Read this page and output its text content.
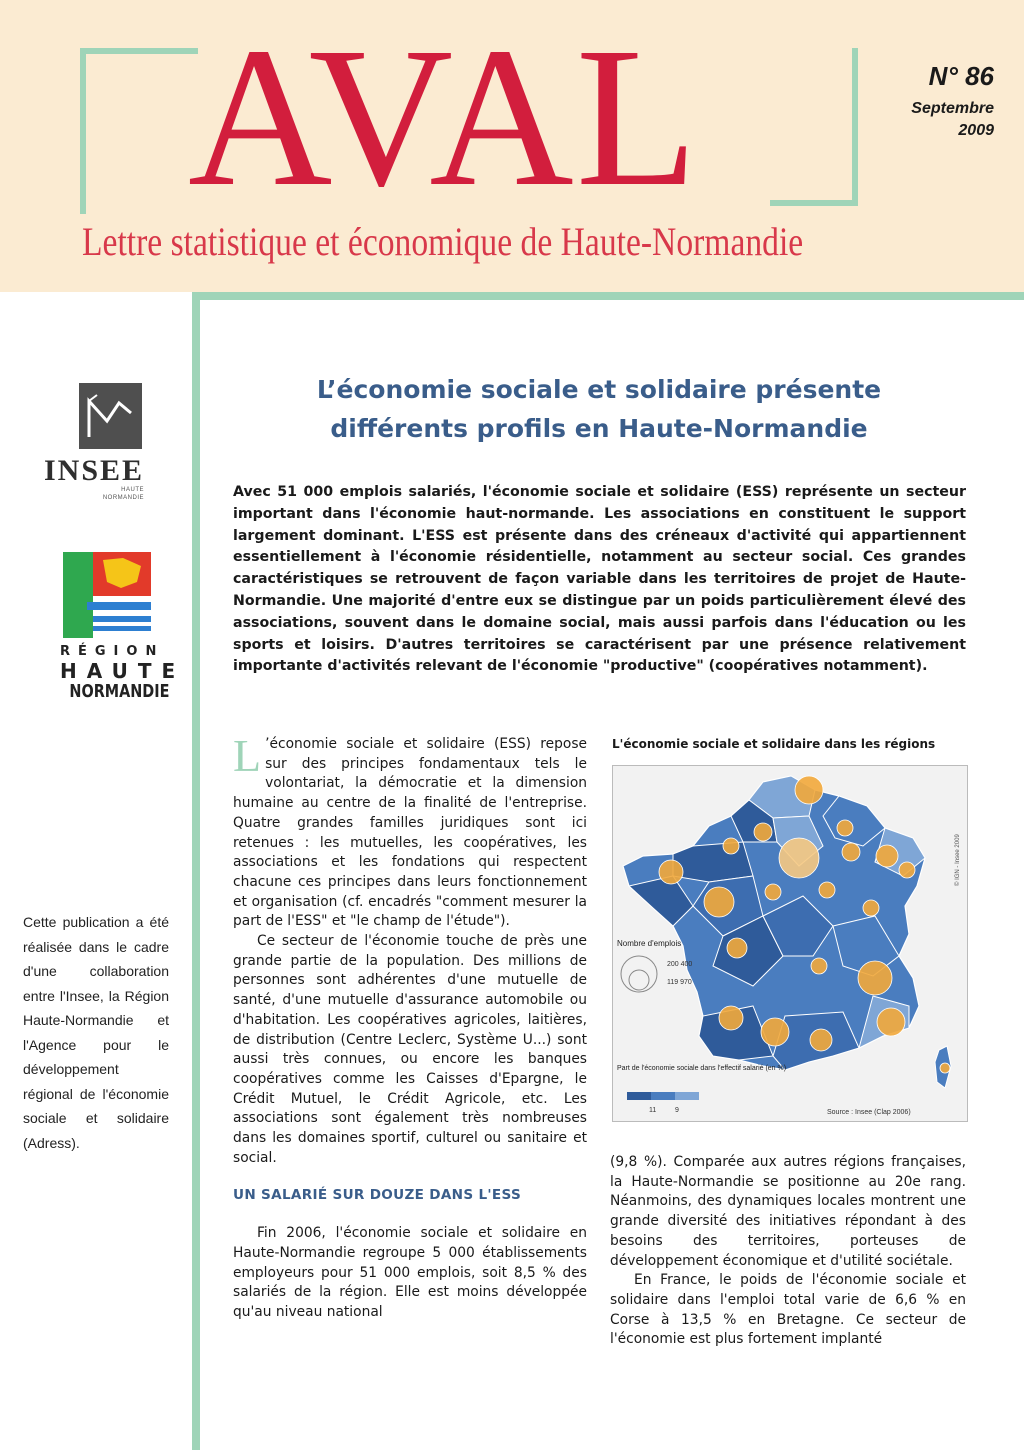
AVAL
Lettre statistique et économique de Haute-Normandie
N° 86
Septembre
2009
INSEE
HAUTE
NORMANDIE
RÉGION
HAUTE
NORMANDIE
Cette publication a été réalisée dans le cadre d'une collaboration entre l'Insee, la Région Haute-Normandie et l'Agence pour le développement régional de l'économie sociale et solidaire (Adress).
L’économie sociale et solidaire présente
différents profils en Haute-Normandie

Avec 51 000 emplois salariés, l'économie sociale et solidaire (ESS) représente un secteur important dans l'économie haut-normande. Les associations en constituent le support largement dominant. L'ESS est présente dans des créneaux d'activité qui appartiennent essentiellement à l'économie résidentielle, notamment au secteur social. Ces grandes caractéristiques se retrouvent de façon variable dans les territoires de projet de Haute-Normandie. Une majorité d'entre eux se distingue par un poids particulièrement élevé des associations, souvent dans le domaine social, mais aussi parfois dans l'éducation ou les sports et loisirs. D'autres territoires se caractérisent par une présence relativement importante d'activités relevant de l'économie "productive" (coopératives notamment).

L ’économie sociale et solidaire (ESS) repose sur des principes fondamentaux tels le volontariat, la démocratie et la dimension humaine au centre de la finalité de l'entreprise. Quatre grandes familles juridiques sont ici retenues : les mutuelles, les coopératives, les associations et les fondations qui respectent chacune ces principes dans leurs fonctionnement et organisation (cf. encadrés "comment mesurer la part de l'ESS" et "le champ de l'étude").

Ce secteur de l'économie touche de près une grande partie de la population. Des millions de personnes sont adhérentes d'une mutuelle de santé, d'une mutuelle d'assurance automobile ou d'habitation. Les coopératives agricoles, laitières, de distribution (Centre Leclerc, Système U...) sont aussi très connues, ou encore les banques coopératives comme les Caisses d'Epargne, le Crédit Mutuel, le Crédit Agricole, etc. Les associations sont également très nombreuses dans les domaines sportif, culturel ou sanitaire et social.

UN SALARIÉ SUR DOUZE DANS L'ESS

Fin 2006, l'économie sociale et solidaire en Haute-Normandie regroupe 5 000 établissements employeurs pour 51 000 emplois, soit 8,5 % des salariés de la région. Elle est moins développée qu'au niveau national

L'économie sociale et solidaire dans les régions
Nombre d'emplois
200 400
119 970
Part de l'économie sociale dans l'effectif salarié (en %)
11	9	Source : Insee (Clap 2006)
© IGN - Insee 2009

(9,8 %). Comparée aux autres régions françaises, la Haute-Normandie se positionne au 20e rang. Néanmoins, des dynamiques locales montrent une grande diversité des initiatives répondant à des besoins des territoires, porteuses de développement économique et d'utilité sociétale.

En France, le poids de l'économie sociale et solidaire dans l'emploi total varie de 6,6 % en Corse à 13,5 % en Bretagne. Ce secteur de l'économie est plus fortement implanté
